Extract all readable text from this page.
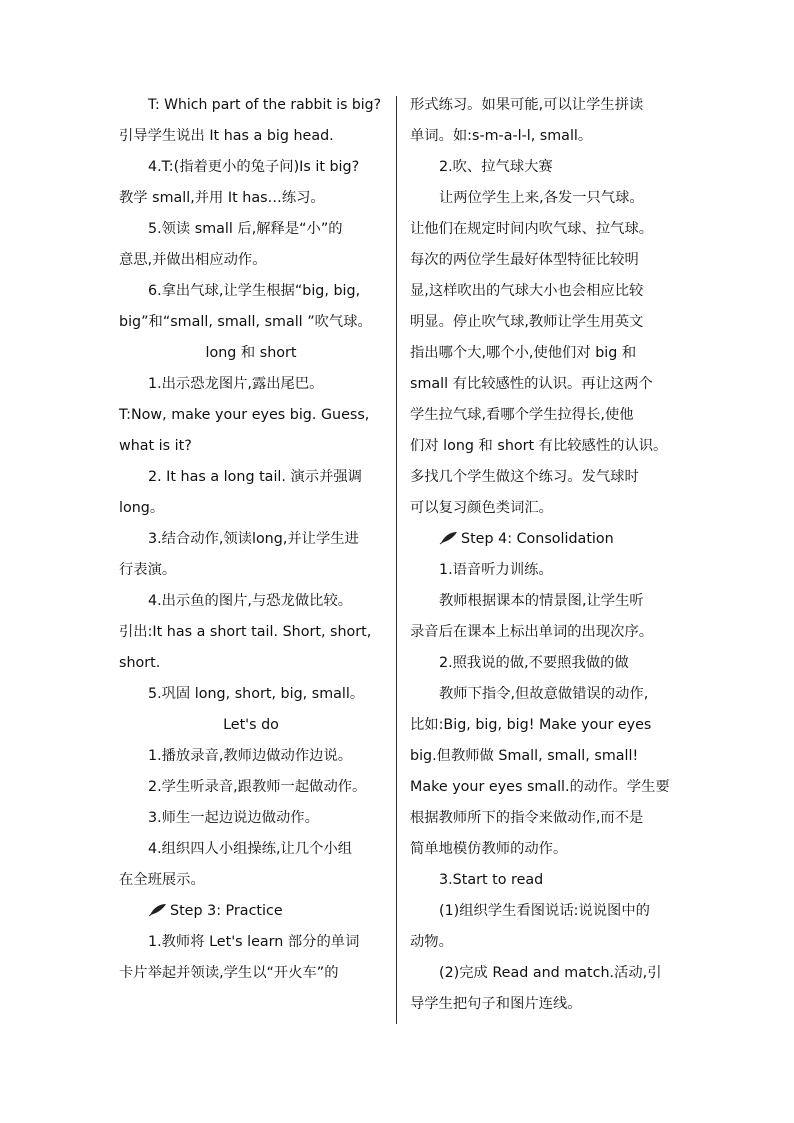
T: Which part of the rabbit is big?
引导学生说出 It has a big head.
4.T:(指着更小的兔子问)Is it big?
教学 small,并用 It has…练习。
5.领读 small 后,解释是“小”的
意思,并做出相应动作。
6.拿出气球,让学生根据“big, big,
big”和“small, small, small ”吹气球。
long 和 short
1.出示恐龙图片,露出尾巴。
T:Now, make your eyes big. Guess,
what is it?
2. It has a long tail. 演示并强调
long。
3.结合动作,领读long,并让学生进
行表演。
4.出示鱼的图片,与恐龙做比较。
引出:It has a short tail. Short, short,
short.
5.巩固 long, short, big, small。
Let's do
1.播放录音,教师边做动作边说。
2.学生听录音,跟教师一起做动作。
3.师生一起边说边做动作。
4.组织四人小组操练,让几个小组
在全班展示。
Step 3: Practice
1.教师将 Let's learn 部分的单词
卡片举起并领读,学生以“开火车”的
形式练习。如果可能,可以让学生拼读
单词。如:s-m-a-l-l, small。
2.吹、拉气球大赛
让两位学生上来,各发一只气球。
让他们在规定时间内吹气球、拉气球。
每次的两位学生最好体型特征比较明
显,这样吹出的气球大小也会相应比较
明显。停止吹气球,教师让学生用英文
指出哪个大,哪个小,使他们对 big 和
small 有比较感性的认识。再让这两个
学生拉气球,看哪个学生拉得长,使他
们对 long 和 short 有比较感性的认识。
多找几个学生做这个练习。发气球时
可以复习颜色类词汇。
Step 4: Consolidation
1.语音听力训练。
教师根据课本的情景图,让学生听
录音后在课本上标出单词的出现次序。
2.照我说的做,不要照我做的做
教师下指令,但故意做错误的动作,
比如:Big, big, big! Make your eyes
big.但教师做 Small, small, small!
Make your eyes small.的动作。学生要
根据教师所下的指令来做动作,而不是
简单地模仿教师的动作。
3.Start to read
(1)组织学生看图说话:说说图中的
动物。
(2)完成 Read and match.活动,引
导学生把句子和图片连线。
